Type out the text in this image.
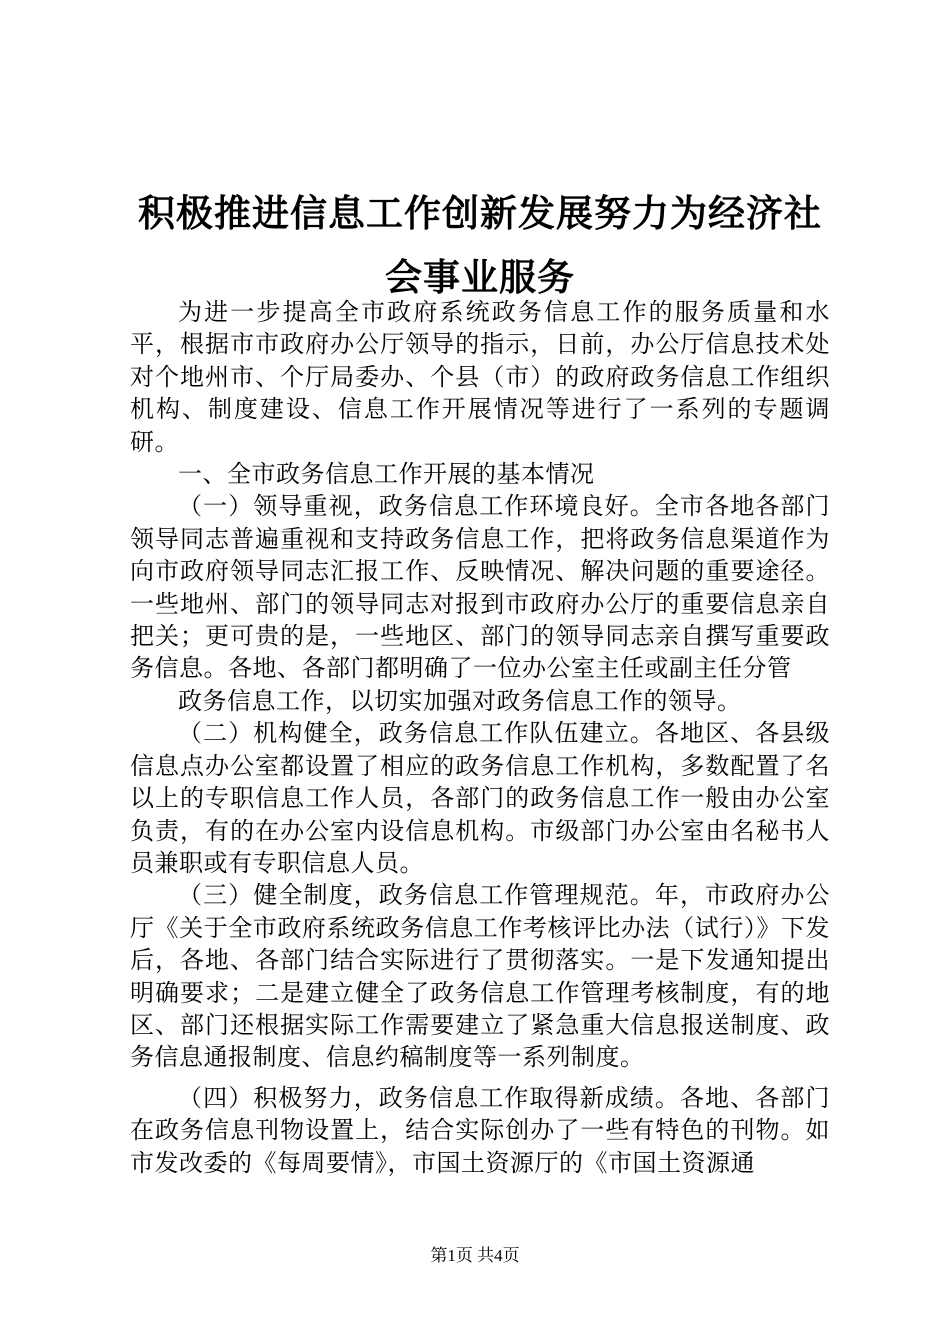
积极推进信息工作创新发展努力为经济社会事业服务

为进一步提高全市政府系统政务信息工作的服务质量和水平，根据市市政府办公厅领导的指示，日前，办公厅信息技术处对个地州市、个厅局委办、个县（市）的政府政务信息工作组织机构、制度建设、信息工作开展情况等进行了一系列的专题调研。

一、全市政务信息工作开展的基本情况

（一）领导重视，政务信息工作环境良好。全市各地各部门领导同志普遍重视和支持政务信息工作，把将政务信息渠道作为向市政府领导同志汇报工作、反映情况、解决问题的重要途径。一些地州、部门的领导同志对报到市政府办公厅的重要信息亲自把关；更可贵的是，一些地区、部门的领导同志亲自撰写重要政务信息。各地、各部门都明确了一位办公室主任或副主任分管

政务信息工作，以切实加强对政务信息工作的领导。

（二）机构健全，政务信息工作队伍建立。各地区、各县级信息点办公室都设置了相应的政务信息工作机构，多数配置了名以上的专职信息工作人员，各部门的政务信息工作一般由办公室负责，有的在办公室内设信息机构。市级部门办公室由名秘书人员兼职或有专职信息人员。

（三）健全制度，政务信息工作管理规范。年，市政府办公厅《关于全市政府系统政务信息工作考核评比办法（试行）》下发后，各地、各部门结合实际进行了贯彻落实。一是下发通知提出明确要求；二是建立健全了政务信息工作管理考核制度，有的地区、部门还根据实际工作需要建立了紧急重大信息报送制度、政务信息通报制度、信息约稿制度等一系列制度。

（四）积极努力，政务信息工作取得新成绩。各地、各部门在政务信息刊物设置上，结合实际创办了一些有特色的刊物。如市发改委的《每周要情》，市国土资源厅的《市国土资源通

第1页 共4页
